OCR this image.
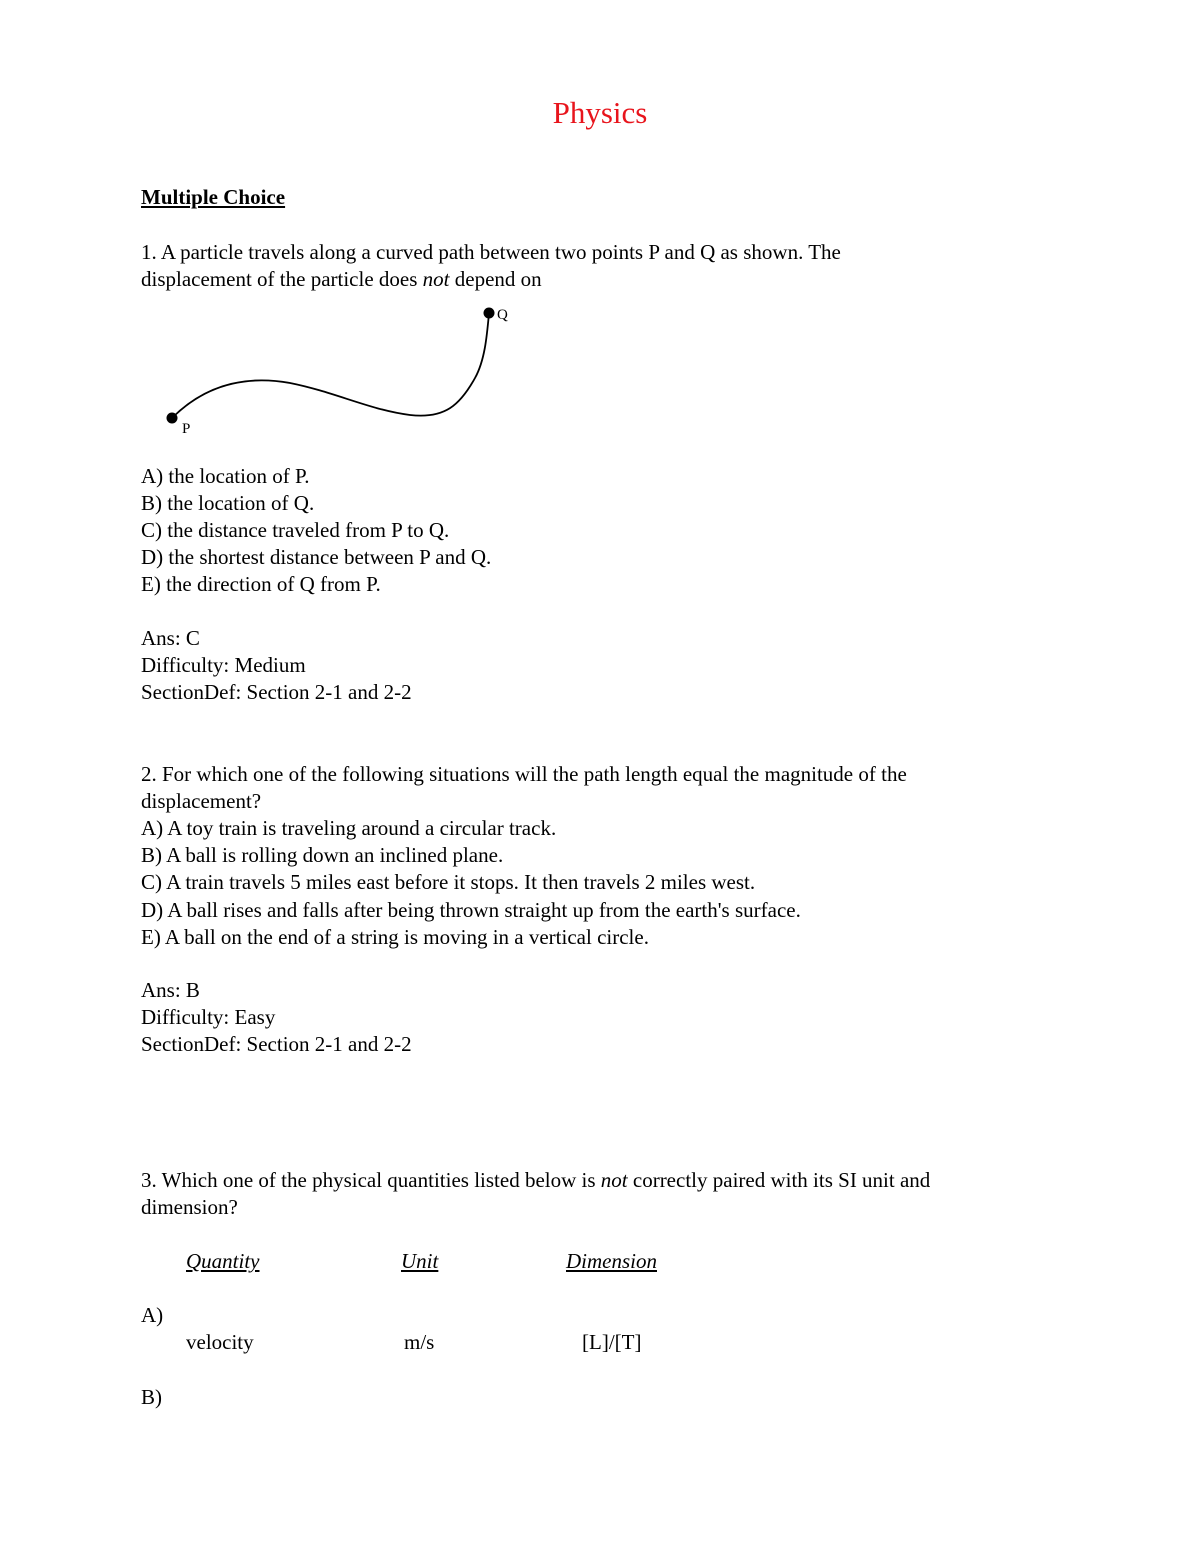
Physics
Multiple Choice
1. A particle travels along a curved path between two points P and Q as shown. The
displacement of the particle does not depend on
P
Q
A) the location of P.
B) the location of Q.
C) the distance traveled from P to Q.
D) the shortest distance between P and Q.
E) the direction of Q from P.
Ans: C
Difficulty: Medium
SectionDef: Section 2-1 and 2-2
2. For which one of the following situations will the path length equal the magnitude of the
displacement?
A) A toy train is traveling around a circular track.
B) A ball is rolling down an inclined plane.
C) A train travels 5 miles east before it stops. It then travels 2 miles west.
D) A ball rises and falls after being thrown straight up from the earth's surface.
E) A ball on the end of a string is moving in a vertical circle.
Ans: B
Difficulty: Easy
SectionDef: Section 2-1 and 2-2
3. Which one of the physical quantities listed below is not correctly paired with its SI unit and
dimension?
Quantity	Unit	Dimension
A)
velocity	m/s	[L]/[T]
B)
